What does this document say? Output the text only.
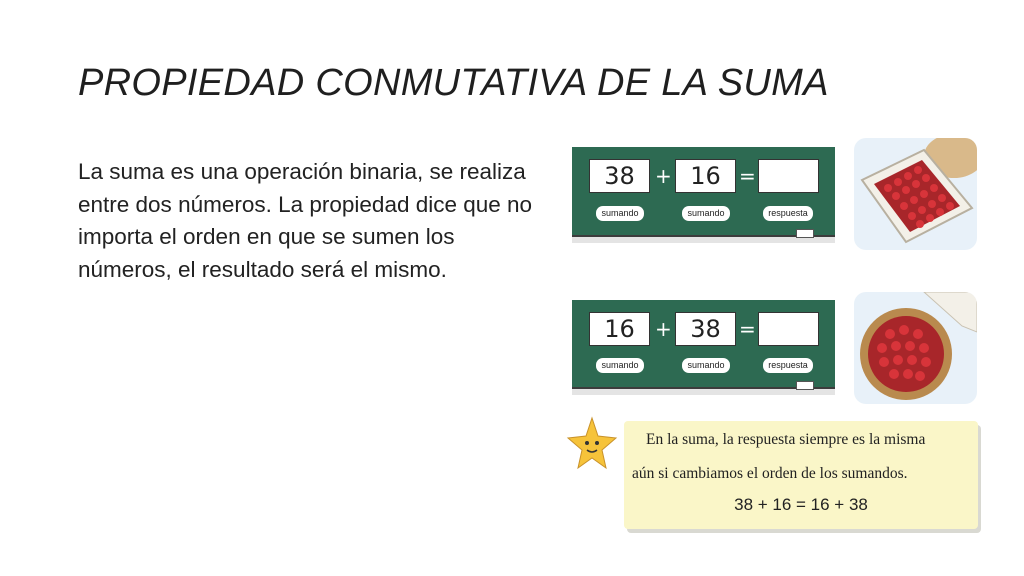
PROPIEDAD CONMUTATIVA DE LA SUMA

La suma es una operación binaria, se realiza entre dos números. La propiedad dice que no importa el orden en que se sumen los números, el resultado será el mismo.

38	+ 16 =
sumando	sumando	respuesta
16	+ 38 =
sumando	sumando	respuesta
En la suma, la respuesta siempre es la misma
aún si cambiamos el orden de los sumandos.
38 + 16 = 16 + 38
